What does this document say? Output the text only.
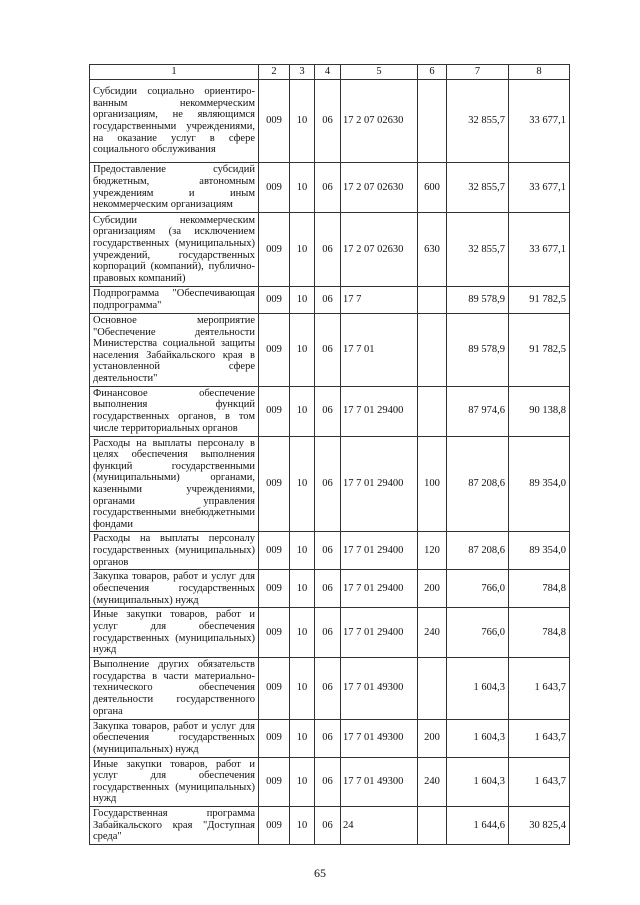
1	2	3	4	5	6	7	8
Субсидии социально ориентиро-ванным некоммерческим организациям, не являющимся государственными учреждениями, на оказание услуг в сфере социального обслуживания	009	10	06	17 2 07 02630		32 855,7	33 677,1
Предоставление субсидий бюджетным, автономным учреждениям и иным некоммерческим организациям	009	10	06	17 2 07 02630	600	32 855,7	33 677,1
Субсидии некоммерческим организациям (за исключением государственных (муниципальных) учреждений, государственных корпораций (компаний), публично-правовых компаний)	009	10	06	17 2 07 02630	630	32 855,7	33 677,1
Подпрограмма "Обеспечивающая подпрограмма"	009	10	06	17 7		89 578,9	91 782,5
Основное мероприятие "Обеспечение деятельности Министерства социальной защиты населения Забайкальского края в установленной сфере деятельности"	009	10	06	17 7 01		89 578,9	91 782,5
Финансовое обеспечение выполнения функций государственных органов, в том числе территориальных органов	009	10	06	17 7 01 29400		87 974,6	90 138,8
Расходы на выплаты персоналу в целях обеспечения выполнения функций государственными (муниципальными) органами, казенными учреждениями, органами управления государственными внебюджетными фондами	009	10	06	17 7 01 29400	100	87 208,6	89 354,0
Расходы на выплаты персоналу государственных (муниципальных) органов	009	10	06	17 7 01 29400	120	87 208,6	89 354,0
Закупка товаров, работ и услуг для обеспечения государственных (муниципальных) нужд	009	10	06	17 7 01 29400	200	766,0	784,8
Иные закупки товаров, работ и услуг для обеспечения государственных (муниципальных) нужд	009	10	06	17 7 01 29400	240	766,0	784,8
Выполнение других обязательств государства в части материально-технического обеспечения деятельности государственного органа	009	10	06	17 7 01 49300		1 604,3	1 643,7
Закупка товаров, работ и услуг для обеспечения государственных (муниципальных) нужд	009	10	06	17 7 01 49300	200	1 604,3	1 643,7
Иные закупки товаров, работ и услуг для обеспечения государственных (муниципальных) нужд	009	10	06	17 7 01 49300	240	1 604,3	1 643,7
Государственная программа Забайкальского края "Доступная среда"	009	10	06	24		1 644,6	30 825,4
65
